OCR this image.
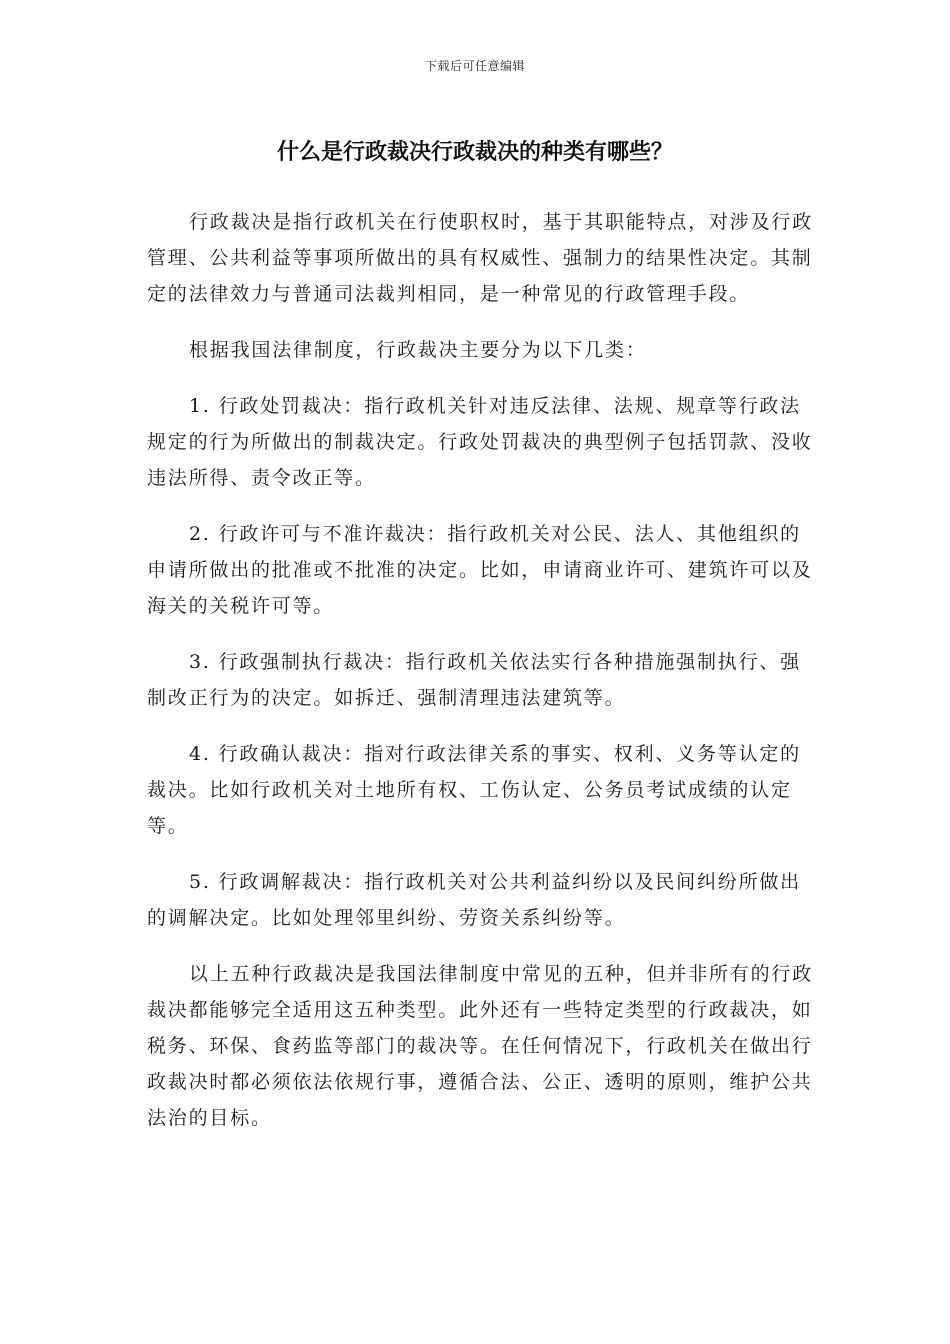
下载后可任意编辑
什么是行政裁决行政裁决的种类有哪些？

行政裁决是指行政机关在行使职权时，基于其职能特点，对涉及行政管理、公共利益等事项所做出的具有权威性、强制力的结果性决定。其制定的法律效力与普通司法裁判相同，是一种常见的行政管理手段。

根据我国法律制度，行政裁决主要分为以下几类：

1. 行政处罚裁决：指行政机关针对违反法律、法规、规章等行政法规定的行为所做出的制裁决定。行政处罚裁决的典型例子包括罚款、没收违法所得、责令改正等。

2. 行政许可与不准许裁决：指行政机关对公民、法人、其他组织的申请所做出的批准或不批准的决定。比如，申请商业许可、建筑许可以及海关的关税许可等。

3. 行政强制执行裁决：指行政机关依法实行各种措施强制执行、强制改正行为的决定。如拆迁、强制清理违法建筑等。

4. 行政确认裁决：指对行政法律关系的事实、权利、义务等认定的裁决。比如行政机关对土地所有权、工伤认定、公务员考试成绩的认定等。

5. 行政调解裁决：指行政机关对公共利益纠纷以及民间纠纷所做出的调解决定。比如处理邻里纠纷、劳资关系纠纷等。

以上五种行政裁决是我国法律制度中常见的五种，但并非所有的行政裁决都能够完全适用这五种类型。此外还有一些特定类型的行政裁决，如税务、环保、食药监等部门的裁决等。在任何情况下，行政机关在做出行政裁决时都必须依法依规行事，遵循合法、公正、透明的原则，维护公共法治的目标。
